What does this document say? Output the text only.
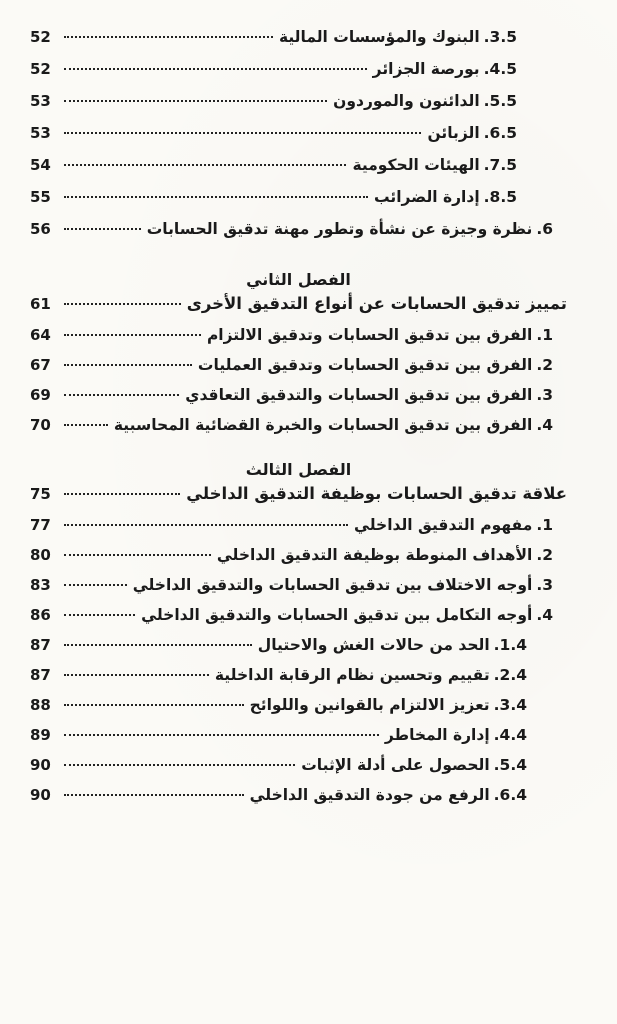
3.5.
البنوك والمؤسسات المالية
52
4.5.
بورصة الجزائر
52
5.5.
الدائنون والموردون
53
6.5.
الزبائن
53
7.5.
الهيئات الحكومية
54
8.5.
إدارة الضرائب
55
6.
نظرة وجيزة عن نشأة وتطور مهنة تدقيق الحسابات
56
الفصل الثاني
تمييز تدقيق الحسابات عن أنواع التدقيق الأخرى
61
1.
الفرق بين تدقيق الحسابات وتدقيق الالتزام
64
2.
الفرق بين تدقيق الحسابات وتدقيق العمليات
67
3.
الفرق بين تدقيق الحسابات والتدقيق التعاقدي
69
4.
الفرق بين تدقيق الحسابات والخبرة القضائية المحاسبية
70
الفصل الثالث
علاقة تدقيق الحسابات بوظيفة التدقيق الداخلي
75
1.
مفهوم التدقيق الداخلي
77
2.
الأهداف المنوطة بوظيفة التدقيق الداخلي
80
3.
أوجه الاختلاف بين تدقيق الحسابات والتدقيق الداخلي
83
4.
أوجه التكامل بين تدقيق الحسابات والتدقيق الداخلي
86
1.4.
الحد من حالات الغش والاحتيال
87
2.4.
تقييم وتحسين نظام الرقابة الداخلية
87
3.4.
تعزيز الالتزام بالقوانين واللوائح
88
4.4.
إدارة المخاطر
89
5.4.
الحصول على أدلة الإثبات
90
6.4.
الرفع من جودة التدقيق الداخلي
90
